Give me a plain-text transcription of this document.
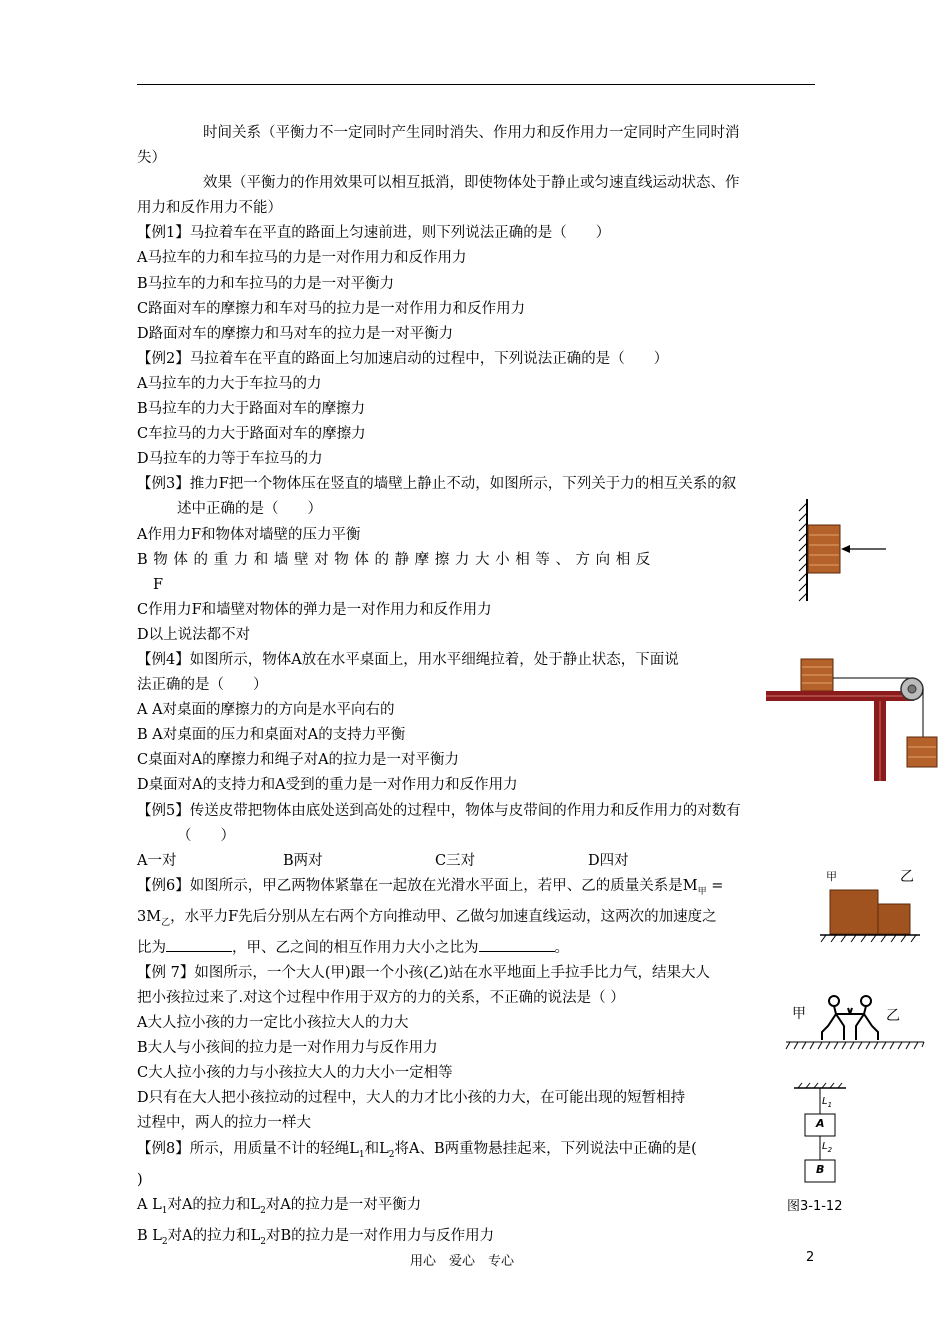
时间关系（平衡力不一定同时产生同时消失、作用力和反作用力一定同时产生同时消

失）

效果（平衡力的作用效果可以相互抵消，即使物体处于静止或匀速直线运动状态、作

用力和反作用力不能）

【例1】马拉着车在平直的路面上匀速前进，则下列说法正确的是（　　）

A马拉车的力和车拉马的力是一对作用力和反作用力

B马拉车的力和车拉马的力是一对平衡力

C路面对车的摩擦力和车对马的拉力是一对作用力和反作用力

D路面对车的摩擦力和马对车的拉力是一对平衡力

【例2】马拉着车在平直的路面上匀加速启动的过程中，下列说法正确的是（　　）

A马拉车的力大于车拉马的力

B马拉车的力大于路面对车的摩擦力

C车拉马的力大于路面对车的摩擦力

D马拉车的力等于车拉马的力

【例3】推力F把一个物体压在竖直的墙壁上静止不动，如图所示，下列关于力的相互关系的叙

述中正确的是（　　）

A作用力F和物体对墙壁的压力平衡

B 物 体 的 重 力 和 墙 壁 对 物 体 的 静 摩 擦 力 大 小 相 等 、 方 向 相 反

F

C作用力F和墙壁对物体的弹力是一对作用力和反作用力

D以上说法都不对

【例4】如图所示，物体A放在水平桌面上，用水平细绳拉着，处于静止状态，下面说

法正确的是（　　）

A A对桌面的摩擦力的方向是水平向右的

B A对桌面的压力和桌面对A的支持力平衡

C桌面对A的摩擦力和绳子对A的拉力是一对平衡力

D桌面对A的支持力和A受到的重力是一对作用力和反作用力

【例5】传送皮带把物体由底处送到高处的过程中，物体与皮带间的作用力和反作用力的对数有

（　　）

A一对	B两对	C三对	D四对

【例6】如图所示，甲乙两物体紧靠在一起放在光滑水平面上，若甲、乙的质量关系是$M_甲$ =

$3M_乙$，水平力F先后分别从左右两个方向推动甲、乙做匀加速直线运动，这两次的加速度之

比为	，甲、乙之间的相互作用力大小之比为	。

【例 7】如图所示，一个大人(甲)跟一个小孩(乙)站在水平地面上手拉手比力气，结果大人

把小孩拉过来了.对这个过程中作用于双方的力的关系，不正确的说法是（ ）

A大人拉小孩的力一定比小孩拉大人的力大

B大人与小孩间的拉力是一对作用力与反作用力

C大人拉小孩的力与小孩拉大人的力大小一定相等

D只有在大人把小孩拉动的过程中，大人的力才比小孩的力大，在可能出现的短暂相持

过程中，两人的拉力一样大

【例8】所示，用质量不计的轻绳$L_1$和$L_2$将A、B两重物悬挂起来，下列说法中正确的是(

)

A $L_1$对A的拉力和$L_2$对A的拉力是一对平衡力

B $L_2$对A的拉力和$L_2$对B的拉力是一对作用力与反作用力

甲	乙
甲	乙
$L_1$
A
$L_2$
B
图3-1-12
用心　爱心　专心	2
